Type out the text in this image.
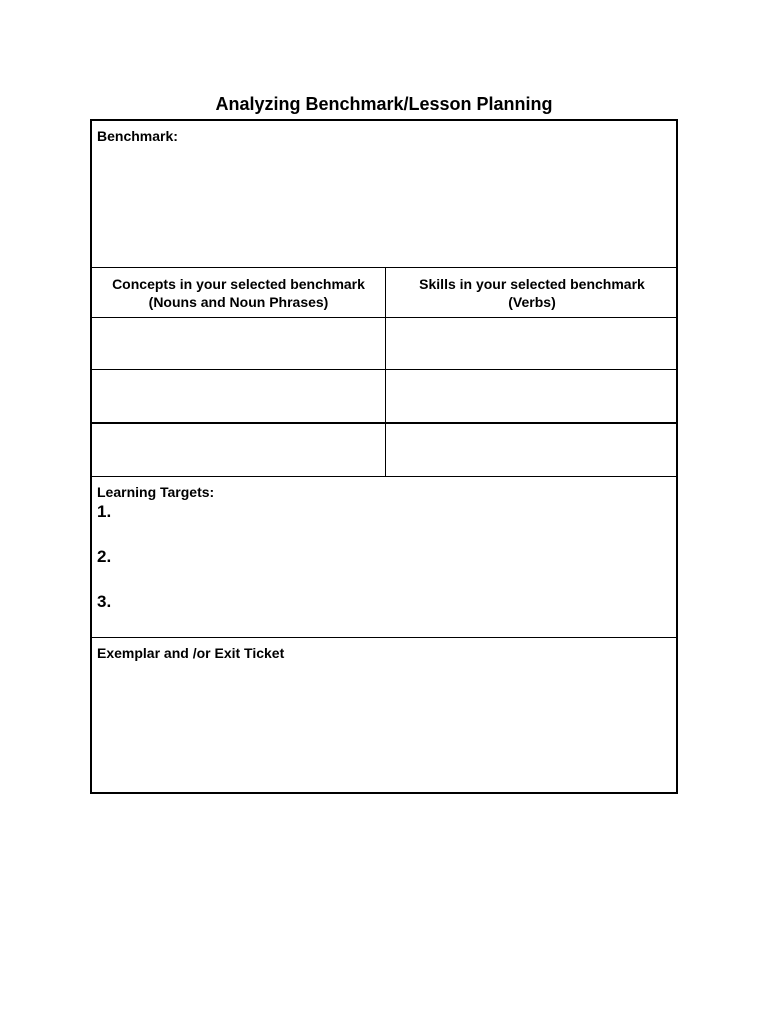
Analyzing Benchmark/Lesson Planning
Benchmark:
Concepts in your selected benchmark
(Nouns and Noun Phrases)
Skills in your selected benchmark
(Verbs)
Learning Targets:
1.
2.
3.
Exemplar and /or Exit Ticket
